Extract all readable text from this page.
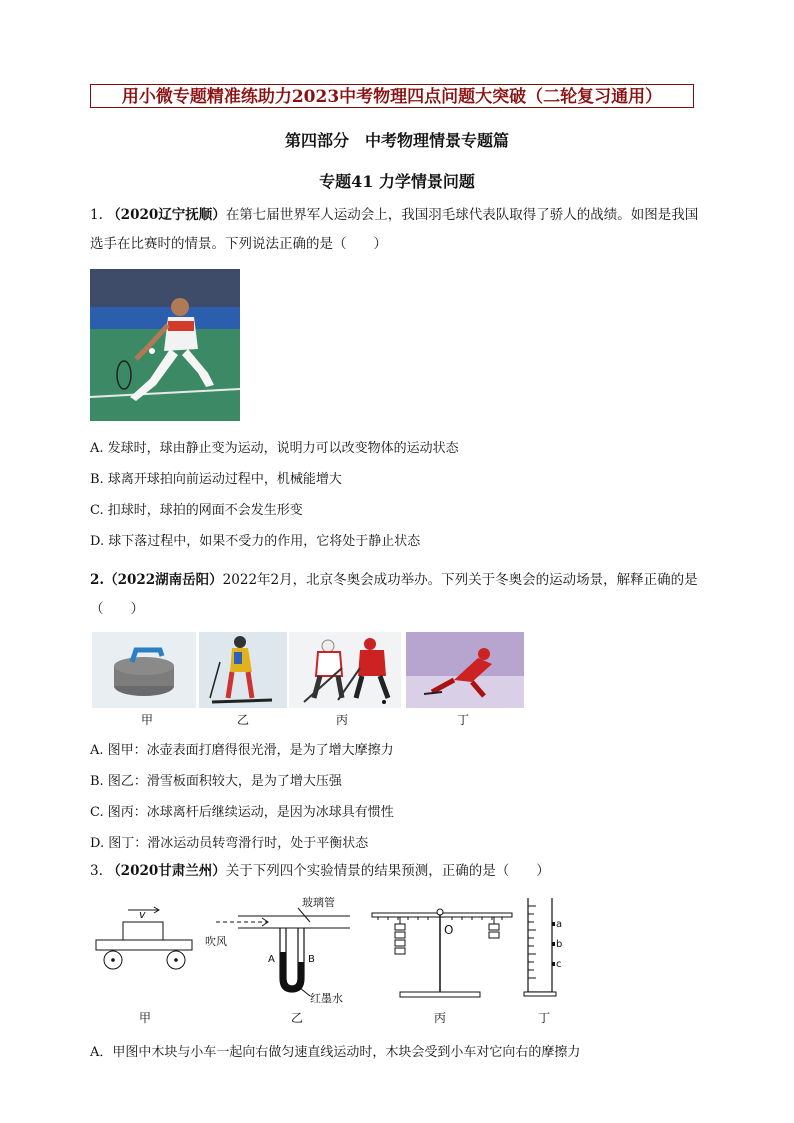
用小微专题精准练助力2023中考物理四点问题大突破（二轮复习通用）
第四部分　中考物理情景专题篇
专题41 力学情景问题
1. （2020辽宁抚顺）在第七届世界军人运动会上，我国羽毛球代表队取得了骄人的战绩。如图是我国选手在比赛时的情景。下列说法正确的是（　　）
A. 发球时，球由静止变为运动，说明力可以改变物体的运动状态
B. 球离开球拍向前运动过程中，机械能增大
C. 扣球时，球拍的网面不会发生形变
D. 球下落过程中，如果不受力的作用，它将处于静止状态
2.（2022湖南岳阳）2022年2月，北京冬奥会成功举办。下列关于冬奥会的运动场景，解释正确的是（　　）
甲	乙	丙	丁
A. 图甲：冰壶表面打磨得很光滑，是为了增大摩擦力
B. 图乙：滑雪板面积较大，是为了增大压强
C. 图丙：冰球离杆后继续运动，是因为冰球具有惯性
D. 图丁：滑冰运动员转弯滑行时，处于平衡状态
3. （2020甘肃兰州）关于下列四个实验情景的结果预测，正确的是（　　）
v
吹风
玻璃管
A	B
红墨水
O	a
b
c
甲	乙	丙	丁
A．甲图中木块与小车一起向右做匀速直线运动时，木块会受到小车对它向右的摩擦力
